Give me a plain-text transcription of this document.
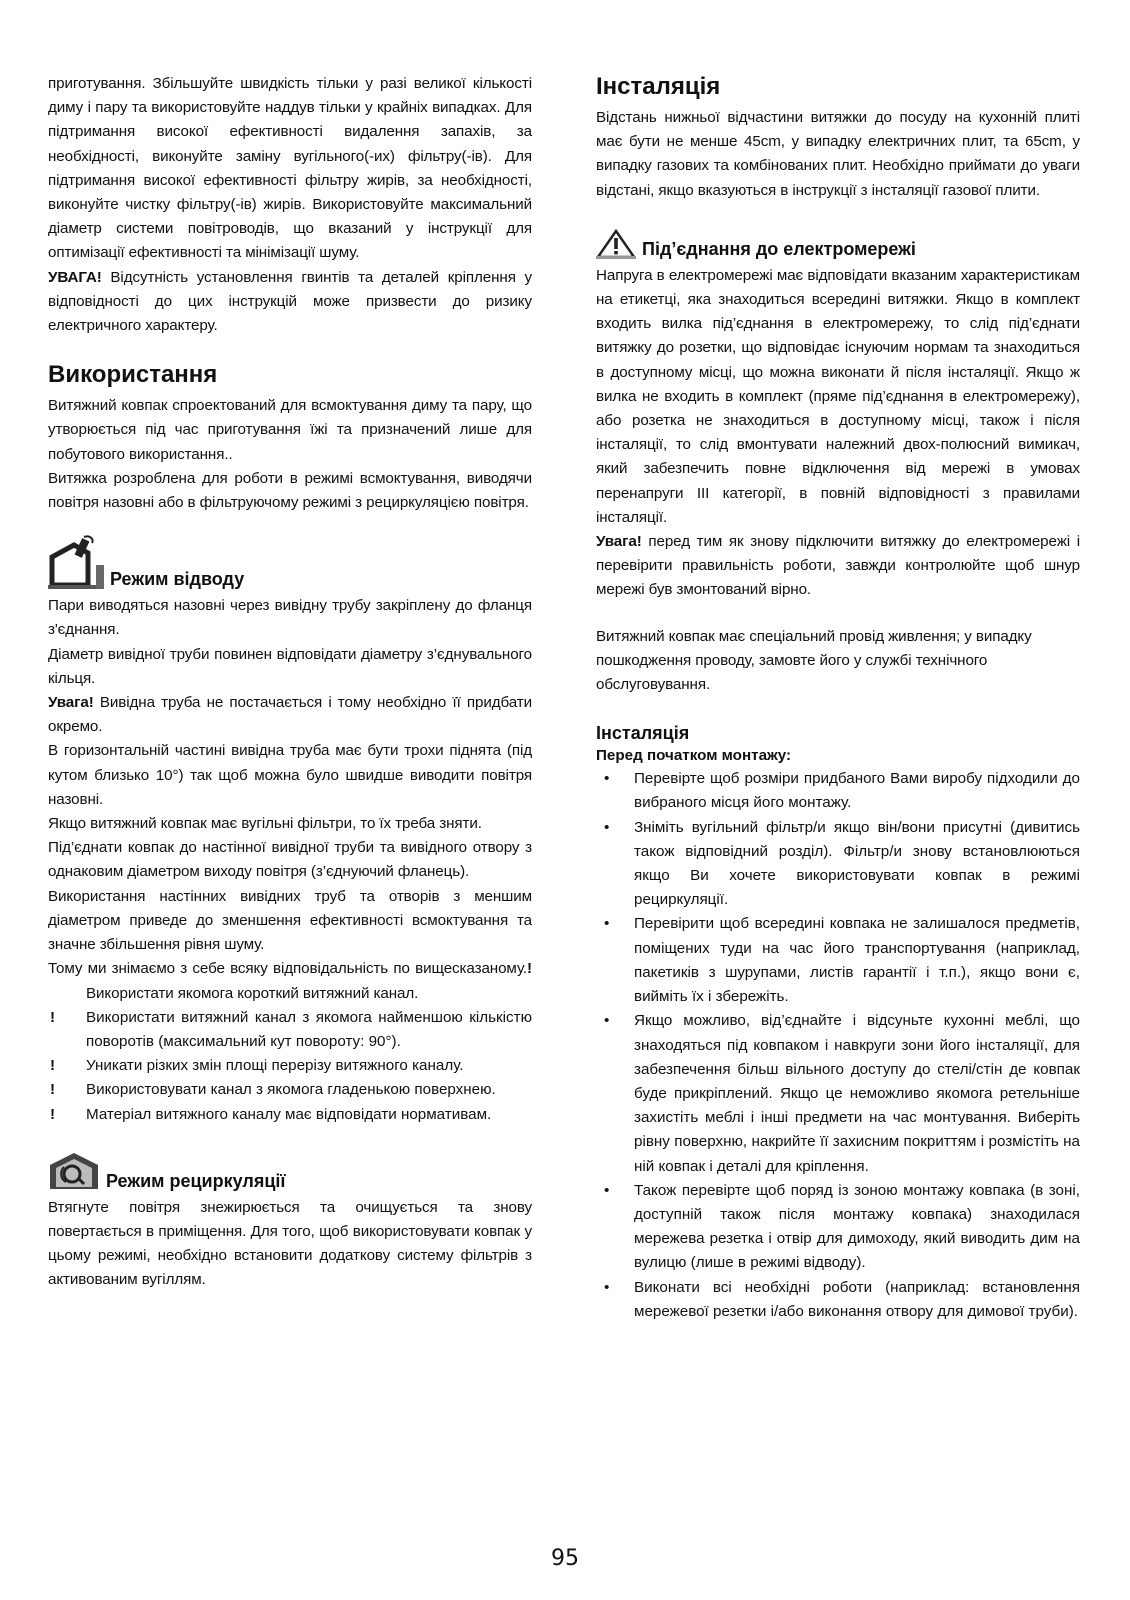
приготування. Збільшуйте швидкість тільки у разі великої кількості диму і пару та використовуйте наддув тільки у крайніх випадках. Для підтримання високої ефективності видалення запахів, за необхідності, виконуйте заміну вугільного(-их) фільтру(-ів). Для підтримання високої ефективності фільтру жирів, за необхідності, виконуйте чистку фільтру(-ів) жирів. Використовуйте максимальний діаметр системи повітроводів, що вказаний у інструкції для оптимізації ефективності та мінімізації шуму.

УВАГА! Відсутність установлення гвинтів та деталей кріплення у відповідності до цих інструкцій може призвести до ризику електричного характеру.

Використання

Витяжний ковпак спроектований для всмоктування диму та пару, що утворюється під час приготування їжі та призначений лише для побутового використання..

Витяжка розроблена для роботи в режимі всмоктування, виводячи повітря назовні або в фільтруючому режимі з рециркуляцією повітря.

Режим відводу

Пари виводяться назовні через вивідну трубу закріплену до фланця з'єднання.

Діаметр вивідної труби повинен відповідати діаметру з’єднувального кільця.

Увага! Вивідна труба не постачається і тому необхідно її придбати окремо.

В горизонтальній частині вивідна труба має бути трохи піднята (під кутом близько 10°) так щоб можна було швидше виводити повітря назовні.

Якщо витяжний ковпак має вугільні фільтри, то їх треба зняти.

Під’єднати ковпак до настінної вивідної труби та вивідного отвору з однаковим діаметром виходу повітря (з’єднуючий фланець).

Використання настінних вивідних труб та отворів з меншим діаметром приведе до зменшення ефективності всмоктування та значне збільшення рівня шуму.

Тому ми знімаємо з себе всяку відповідальність по вищесказаному.! Використати якомога короткий витяжний канал.

! Використати витяжний канал з якомога найменшою кількістю поворотів (максимальний кут повороту: 90°).
! Уникати різких змін площі перерізу витяжного каналу.
! Використовувати канал з якомога гладенькою поверхнею.
! Матеріал витяжного каналу має відповідати нормативам.
Режим рециркуляції

Втягнуте повітря знежирюється та очищується та знову повертається в приміщення. Для того, щоб використовувати ковпак у цьому режимі, необхідно встановити додаткову систему фільтрів з активованим вугіллям.

Інсталяція

Відстань нижньої відчастини витяжки до посуду на кухонній плиті має бути не менше 45cm, у випадку електричних плит, та 65cm, у випадку газових та комбінованих плит. Необхідно приймати до уваги відстані, якщо вказуються в інструкції з інсталяції газової плити.

Під’єднання до електромережі

Напруга в електромережі має відповідати вказаним характеристикам на етикетці, яка знаходиться всередині витяжки. Якщо в комплект входить вилка під’єднання в електромережу, то слід під’єднати витяжку до розетки, що відповідає існуючим нормам та знаходиться в доступному місці, що можна виконати й після інсталяції. Якщо ж вилка не входить в комплект (пряме під’єднання в електромережу), або розетка не знаходиться в доступному місці, також і після інсталяції, то слід вмонтувати належний двох-полюсний вимикач, який забезпечить повне відключення від мережі в умовах перенапруги ІІІ категорії, в повній відповідності з правилами інсталяції.

Увага! перед тим як знову підключити витяжку до електромережі і перевірити правильність роботи, завжди контролюйте щоб шнур мережі був змонтований вірно.

Витяжний ковпак має спеціальний провід живлення; у випадку пошкодження проводу, замовте його у службі технічного обслуговування.

Інсталяція
Перед початком монтажу:
• Перевірте щоб розміри придбаного Вами виробу підходили до вибраного місця його монтажу.
• Зніміть вугільний фільтр/и якщо він/вони присутні (дивитись також відповідний розділ). Фільтр/и знову встановлюються якщо Ви хочете використовувати ковпак в режимі рециркуляції.
• Перевірити щоб всередині ковпака не залишалося предметів, поміщених туди на час його транспортування (наприклад, пакетиків з шурупами, листів гарантії і т.п.), якщо вони є, вийміть їх і збережіть.
• Якщо можливо, від’єднайте і відсуньте кухонні меблі, що знаходяться під ковпаком і навкруги зони його інсталяції, для забезпечення більш вільного доступу до стелі/стін де ковпак буде прикріплений. Якщо це неможливо якомога ретельніше захистіть меблі і інші предмети на час монтування. Виберіть рівну поверхню, накрийте її захисним покриттям і розмістіть на ній ковпак і деталі для кріплення.
• Також перевірте щоб поряд із зоною монтажу ковпака (в зоні, доступній також після монтажу ковпака) знаходилася мережева резетка і отвір для димоходу, який виводить дим на вулицю (лише в режимі відводу).
• Виконати всі необхідні роботи (наприклад: встановлення мережевої резетки і/або виконання отвору для димової труби).
95
